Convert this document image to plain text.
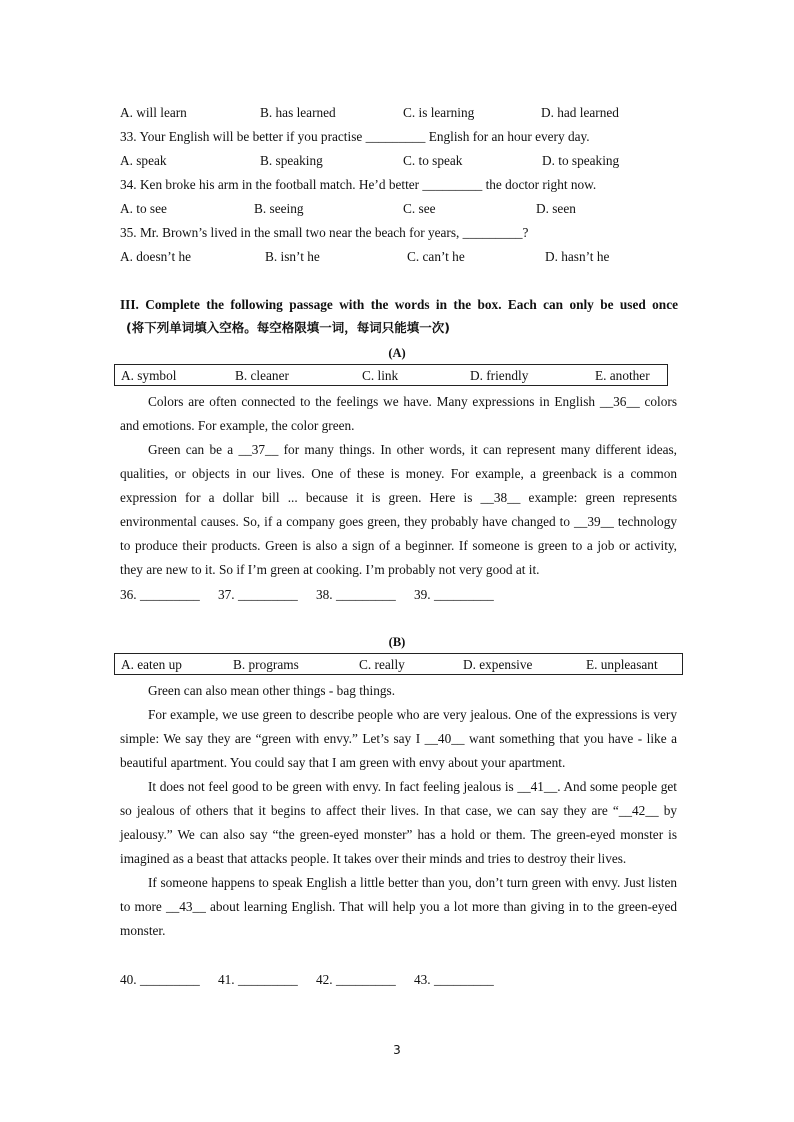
A. will learn	B. has learned	C. is learning	D. had learned
33. Your English will be better if you practise _________ English for an hour every day.
A. speak	B. speaking	C. to speak	D. to speaking
34. Ken broke his arm in the football match. He’d better _________ the doctor right now.
A. to see	B. seeing	C. see	D. seen
35. Mr. Brown’s lived in the small two near the beach for years, _________?
A. doesn’t he	B. isn’t he	C. can’t he	D. hasn’t he
III. Complete the following passage with the words in the box. Each can only be used once
(将下列单词填入空格。每空格限填一词，每词只能填一次)
(A)
A. symbol	B. cleaner	C. link	D. friendly	E. another

Colors are often connected to the feelings we have. Many expressions in English __36__ colors and emotions. For example, the color green.

Green can be a __37__ for many things. In other words, it can represent many different ideas, qualities, or objects in our lives. One of these is money. For example, a greenback is a common expression for a dollar bill ... because it is green. Here is __38__ example: green represents environmental causes. So, if a company goes green, they probably have changed to __39__ technology to produce their products. Green is also a sign of a beginner. If someone is green to a job or activity, they are new to it. So if I’m green at cooking. I’m probably not very good at it.

36. _________ 37. _________ 38. _________ 39. _________
(B)
A. eaten up	B. programs	C. really	D. expensive	E. unpleasant

Green can also mean other things - bag things.

For example, we use green to describe people who are very jealous. One of the expressions is very simple: We say they are “green with envy.” Let’s say I __40__ want something that you have - like a beautiful apartment. You could say that I am green with envy about your apartment.

It does not feel good to be green with envy. In fact feeling jealous is __41__. And some people get so jealous of others that it begins to affect their lives. In that case, we can say they are “__42__ by jealousy.” We can also say “the green-eyed monster” has a hold or them. The green-eyed monster is imagined as a beast that attacks people. It takes over their minds and tries to destroy their lives.

If someone happens to speak English a little better than you, don’t turn green with envy. Just listen to more __43__ about learning English. That will help you a lot more than giving in to the green-eyed monster.

40. _________ 41. _________ 42. _________ 43. _________
3
